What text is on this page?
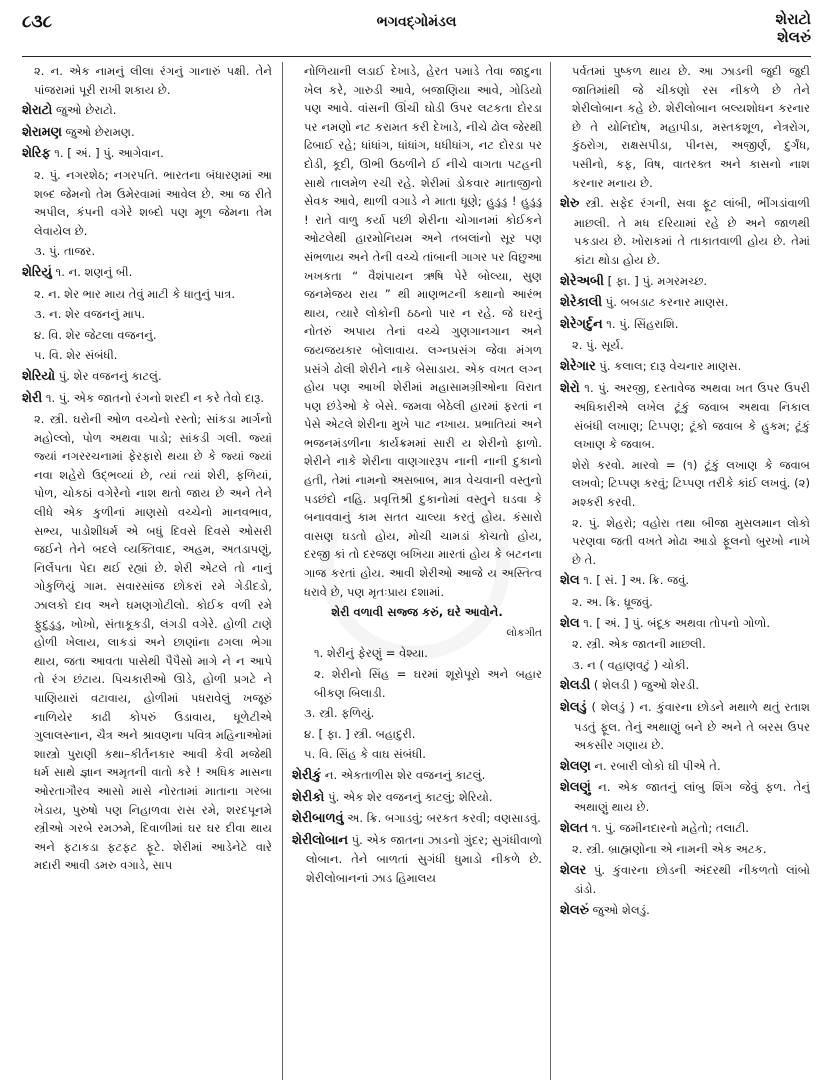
૮૩૮	ભગવદ્ગોમંડલ	શેરાટો
શેલરું
૨. ન. એક નામનું લીલા રંગનું ગાનારું પક્ષી. તેને પાંજરામાં પૂરી રાખી શકાય છે.
શેરાટો જુઓ છેરાટો.
શેરામણ જુઓ છેરામણ.
શેરિફ ૧. [ અં. ] પું. આગેવાન.
૨. પું. નગરશેઠ; નગરપતિ. ભારતના બંધારણમાં આ શબ્દ જેમનો તેમ ઉમેરવામાં આવેલ છે. આ જ રીતે અપીલ, કંપની વગેરે શબ્દો પણ મૂળ જેમના તેમ લેવાયેલ છે.
૩. પું. તાજર.
શેરિયું ૧. ન. શણનું બી.
૨. ન. શેર ભાર માય તેવું માટી કે ધાતુનું પાત્ર.
૩. ન. શેર વજનનું માપ.
૪. વિ. શેર જેટલા વજનનું.
૫. વિ. શેર સંબંધી.
શેરિયો પું. શેર વજનનું કાટલું.
શેરી ૧. પું. એક જાતનો રંગનો શરદી ન કરે તેવો દારૂ.
૨. સ્ત્રી. ઘરોની ઓળ વચ્ચેનો રસ્તો; સાંકડા માર્ગનો મહોલ્લો, પોળ અથવા પાડો; સાંકડી ગલી. જ્યાં જ્યાં નગરરચનામાં ફેરફારો થયા છે કે જ્યાં જ્યાં નવા શહેરો ઉદ્ભવ્યાં છે, ત્યાં ત્યાં શેરી, ફળિયાં, પોળ, ચોકઠાં વગેરેનો નાશ થતો જાય છે અને તેને લીધે એક કુળીનાં માણસો વચ્ચેનો માનવભાવ, સભ્ય, પાડોશીધર્મ એ બધું દિવસે દિવસે ઓસરી જઈને તેને બદલે વ્યક્તિવાદ, અહમ, અતડાપણું, નિર્લેપતા પેદા થઈ રહ્યાં છે. શેરી એટલે તો નાનું ગોકુળિયું ગામ. સવારસાંજ છોકરાં રમે ગેડીદડો, ઝાલકો દાવ અને ઘમણગોટીલો. કોઈક વળી રમે ફુદુડુડુ, ખોખો, સંતાકૂકડી, લંગડી વગેરે. હોળી ટાણે હોળી ખેલાય, લાકડાં અને છાણાંના ઢગલા ભેગા થાય, જતા આવતા પાસેથી પૈપૈસો માગે ને ન આપે તો રંગ છંટાય. પિચકારીઓ ઊડે, હોળી પ્રગટે ને પાણિયારાં વટાવાય, હોળીમાં પધરાવેલું ખજૂરું નાળિયેર કાઢી કોપરું ઉડાવાય, ધૂળેટીએ ગુલાલસ્નાન, ચૈત્ર અને શ્રાવણના પવિત્ર મહિનાઓમાં શાસ્ત્રો પુરાણી કથા–કીર્તનકાર આવી કેવી મજેથી ધર્મ સાથે જ્ઞાન અમૃતની વાતો કરે ! અધિક માસના ઓરતાગૌરવ આસો માસે નોરતામાં માતાના ગરબા ખેડાય, પુરુષો પણ નિહાળવા રાસ રમે, શરદપૂનમે સ્ત્રીઓ ગરબે રમઝમે, દિવાળીમાં ઘર ઘર દીવા થાય અને ફટાકડા ફટફટ ફૂટે. શેરીમાં આડેનેટે વારે મદારી આવી ડમરુ વગાડે, સાપ
નોળિયાની લડાઈ દેખાડે, હેરત પમાડે તેવા જાદુના ખેલ કરે, ગારુડી આવે, બજાણિયા આવે, ગોડિયો પણ આવે. વાંસની ઊંચી ઘોડી ઉપર લટકતા દોરડા પર નમણો નટ કરામત કરી દેખાડે, નીચે ઢોલ જેરથી ઢિબાઈ રહે; ધાંધાંગ, ધાંધાંગ, ધધીધાંગ, નટ દોરડા પર દોડી, કૂદી, ઊભી ઉઠળીને ઈ નીચે વાગતા પટહની સાથે તાલમેળ રચી રહે. શેરીમાં ડોકવાર માતાજીનો સેવક આવે, થાળી વગાડે ને માતા ધૂણે; હુડુડુ ! હુડુડુ ! રાતે વાળુ કર્યા પછી શેરીના ચોગાનમાં કોઈકને ઓટલેથી હારમોનિયમ અને તબલાંનો સૂર પણ સંભળાય અને તેની વચ્ચે તાંબાની ગાગર પર વિછુઆ ખખકતા “ વૈશંપાયન ઋષિ પેરે બોલ્યા, સુણ જનમેજય રાય ” થી માણભટની કથાનો આરંભ થાય, ત્યારે લોકોની ઠઠનો પાર ન રહે. જે ઘરનું નોતરું અપાય તેનાં વચ્ચે ગુણગાનગાન અને જયજયકાર બોલાવાય. લગ્નપ્રસંગ જેવા મંગળ પ્રસંગે ઢોલી શેરીને નાકે બેસાડાય. એક વખત લગ્ન હોય પણ આખી શેરીમાં મહાસામગ્રીઓના વિરાત પણ છંડેઓ કે બેસે. જમવા બેઠેલી હારમાં ફરતાં ન પેસે એટલે શેરીના મુખે પાટ નખાય. પ્રભાતિયાં અને ભજનમંડળીના કાર્યક્રમમાં સારી ય શેરીનો ફાળો. શેરીને નાકે શેરીના વાણગારરૂપ નાની નાની દુકાનો હતી, તેમાં નામનો અસબાબ, માત્ર વેચવાની વસ્તુનો પડછંદો નહિ. પ્રવૃત્તિશ્રી દુકાનોમાં વસ્તુને ઘડવા કે બનાવવાનું કામ સતત ચાલ્યા કરતું હોય. કંસારો વાસણ ઘડતો હોય, મોચી ચામડાં કોચતો હોય, દરજી કાં તો દરજણ બખિયા મારતાં હોય કે બટનના ગાજ કરતાં હોય. આવી શેરીઓ આજે ય અસ્તિત્વ ધરાવે છે, પણ મૃતઃપ્રાય દશામાં.
શેરી વળાવી સજ્જ કરું, ઘરે આવોને.
લોકગીત
૧. શેરીનું ફેરણું = વેશ્યા.
૨. શેરીનો સિંહ = ઘરમાં શૂરોપૂરો અને બહાર બીકણ બિલાડી.
૩. સ્ત્રી. ફળિયું.
૪. [ ફા. ] સ્ત્રી. બહાદુરી.
૫. વિ. સિંહ કે વાઘ સંબંધી.
શેરીકું ન. એકતાળીસ શેર વજનનું કાટલું.
શેરીકો પું. એક શેર વજનનું કાટલું; શેરિયો.
શેરીબાળવું અ. ક્રિ. બગાડવું; બરકત કરવી; વણસાડવું.
શેરીલોબાન પું. એક જાતના ઝાડનો ગુંદર; સુગંધીવાળો લોબાન. તેને બાળતાં સુગંધી ધુમાડો નીકળે છે. શેરીલોબાનનાં ઝાડ હિમાલય
પર્વતમાં પુષ્કળ થાય છે. આ ઝાડની જુદી જુદી જાતિમાંથી જે ચીકણો રસ નીકળે છે તેને શેરીલોબાન કહે છે. શેરીલોબાન બલ્યશોધન કરનાર છે તે યોનિદોષ, મહાપીડા, મસ્તકશૂળ, નેત્રરોગ, કુંઠરોગ, રાક્ષસપીડા, પીનસ, અજીર્ણ, દુર્ગંધ, પસીનો, કફ, વિષ, વાતરક્ત અને કાસનો નાશ કરનાર મનાય છે.
શેરુ સ્ત્રી. સફેદ રંગની, સવા ફૂટ લાંબી, ભીંગડાંવાળી માછલી. તે મધ દરિયામાં રહે છે અને જાળથી પકડાય છે. ખોરાકમાં તે તાકાતવાળી હોય છે. તેમાં કાંટા થોડા હોય છે.
શેરેઅબી [ ફા. ] પું. મગરમચ્છ.
શેરેકાલી પું. બબડાટ કરનાર માણસ.
શેરેગર્દુન ૧. પું. સિંહરાશિ.
૨. પું. સૂર્ય.
શેરેગાર પું. કલાલ; દારૂ વેચનાર માણસ.
શેરો ૧. પું. અરજી, દસ્તાવેજ અથવા ખત ઉપર ઉપરી અધિકારીએ લખેલ ટૂંકું જવાબ અથવા નિકાલ સંબંધી લખાણ; ટિપ્પણ; ટૂંકો જવાબ કે હુકમ; ટૂંકું લખાણ કે જવાબ.
શેરો કરવો. મારવો = (૧) ટૂંકું લખાણ કે જવાબ લખવો; ટિપ્પણ કરવું; ટિપ્પણ તરીકે કાંઈ લખવું. (૨) મશ્કરી કરવી.
૨. પું. શેહરો; વહોરા તથા બીજા મુસલમાન લોકો પરણવા જતી વખતે મોઢા આડો ફૂલનો બુરખો નાખે છે તે.
શેલ ૧. [ સં. ] અ. ક્રિ. જવું.
૨. અ. ક્રિ. ધ્રૂજવું.
શેલ ૧. [ અં. ] પું. બંદૂક અથવા તોપનો ગોળો.
૨. સ્ત્રી. એક જાતની માછલી.
૩. ન ( વહાણવટું ) ચોકી.
શેલડી ( શેલડી ) જુઓ શેરડી.
શેલડું ( શેલડું ) ન. કુંવારના છોડને મથાળે થતું રતાશ પડતું ફૂલ. તેનું અથાણું બને છે અને તે બરસ ઉપર અકસીર ગણાય છે.
શેલણ ન. રબારી લોકો ઘી પીએ તે.
શેલણું ન. એક જાતનું લાંબુ શિંગ જેવું ફળ. તેનું અથાણું થાય છે.
શેલત ૧. પું. જમીનદારનો મહેતો; તલાટી.
૨. સ્ત્રી. બ્રાહ્મણોના એ નામની એક અટક.
શેલર પું. કુંવારના છોડની અંદરથી નીકળતો લાંબો ડાંડો.
શેલરું જુઓ શેલડું.
